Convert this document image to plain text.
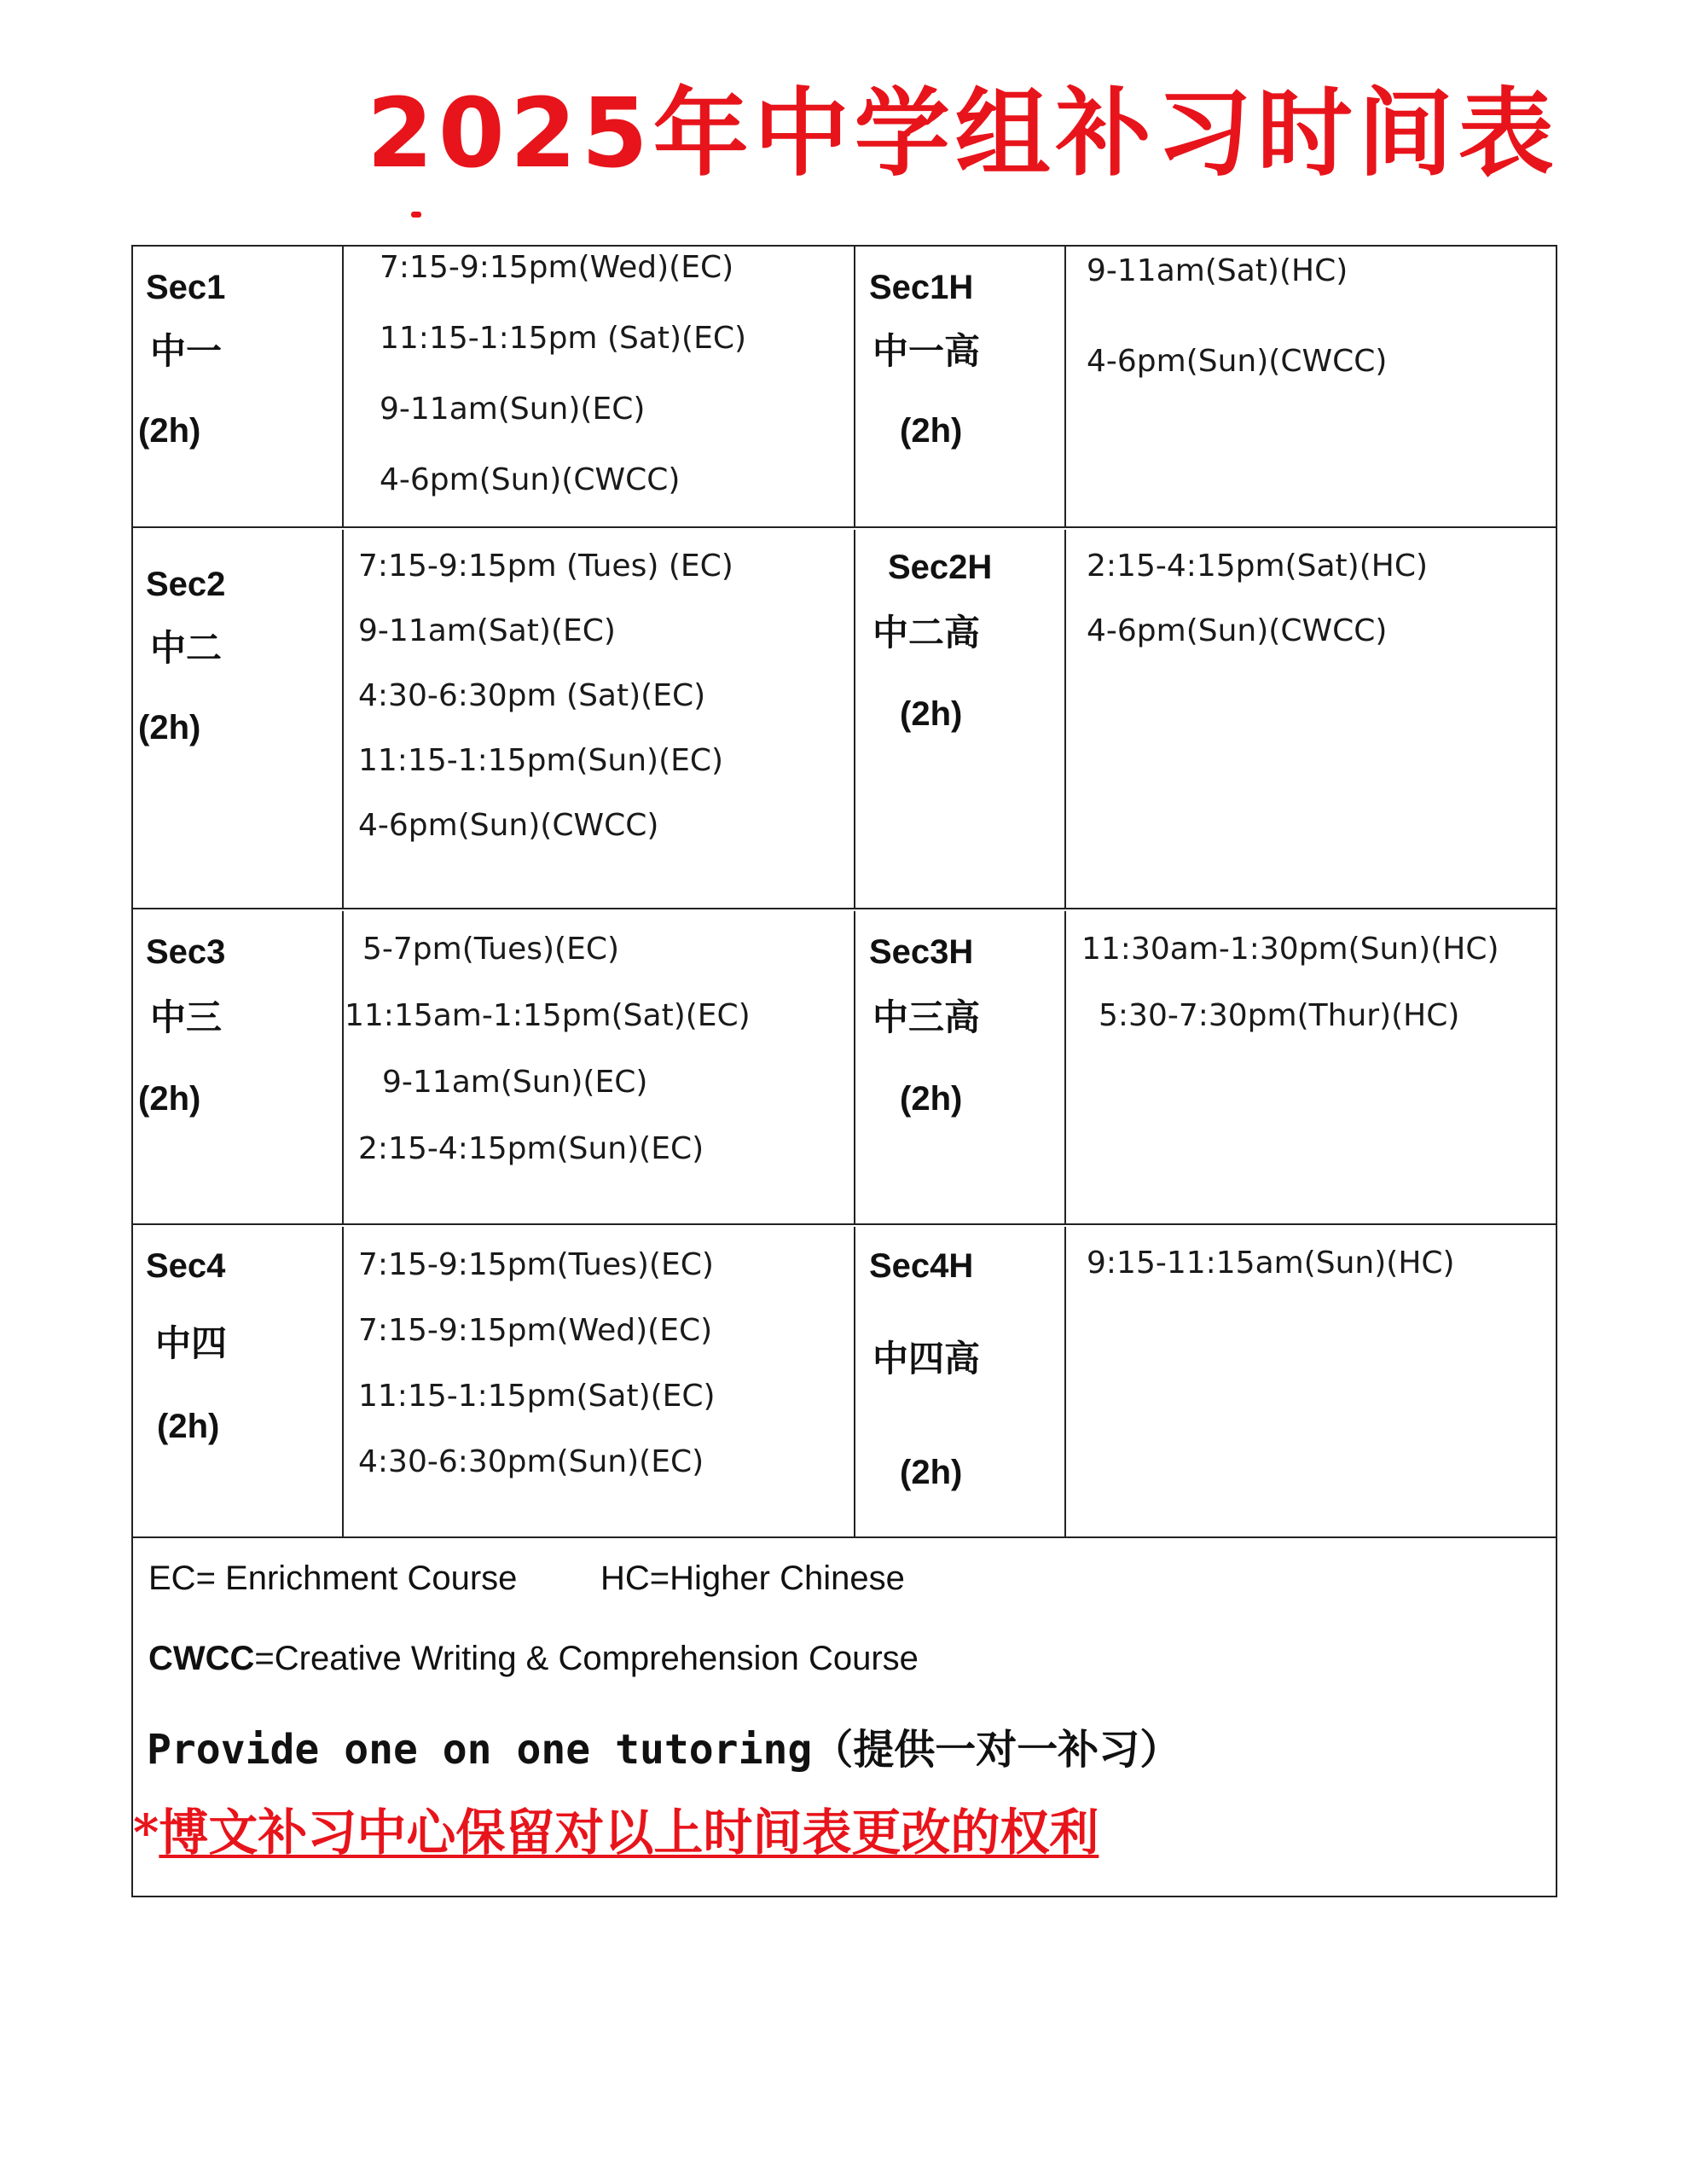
2025年中学组补习时间表
Sec1
中一
(2h)
7:15-9:15pm(Wed)(EC)
11:15-1:15pm (Sat)(EC)
9-11am(Sun)(EC)
4-6pm(Sun)(CWCC)
Sec1H
中一高
(2h)
9-11am(Sat)(HC)
4-6pm(Sun)(CWCC)
Sec2
中二
(2h)
7:15-9:15pm (Tues) (EC)
9-11am(Sat)(EC)
4:30-6:30pm (Sat)(EC)
11:15-1:15pm(Sun)(EC)
4-6pm(Sun)(CWCC)
Sec2H
中二高
(2h)
2:15-4:15pm(Sat)(HC)
4-6pm(Sun)(CWCC)
Sec3
中三
(2h)
5-7pm(Tues)(EC)
11:15am-1:15pm(Sat)(EC)
9-11am(Sun)(EC)
2:15-4:15pm(Sun)(EC)
Sec3H
中三高
(2h)
11:30am-1:30pm(Sun)(HC)
5:30-7:30pm(Thur)(HC)
Sec4
中四
(2h)
7:15-9:15pm(Tues)(EC)
7:15-9:15pm(Wed)(EC)
11:15-1:15pm(Sat)(EC)
4:30-6:30pm(Sun)(EC)
Sec4H
中四高
(2h)
9:15-11:15am(Sun)(HC)
EC= Enrichment Course HC=Higher Chinese
CWCC=Creative Writing & Comprehension Course
Provide one on one tutoring（提供一对一补习）
*博文补习中心保留对以上时间表更改的权利
